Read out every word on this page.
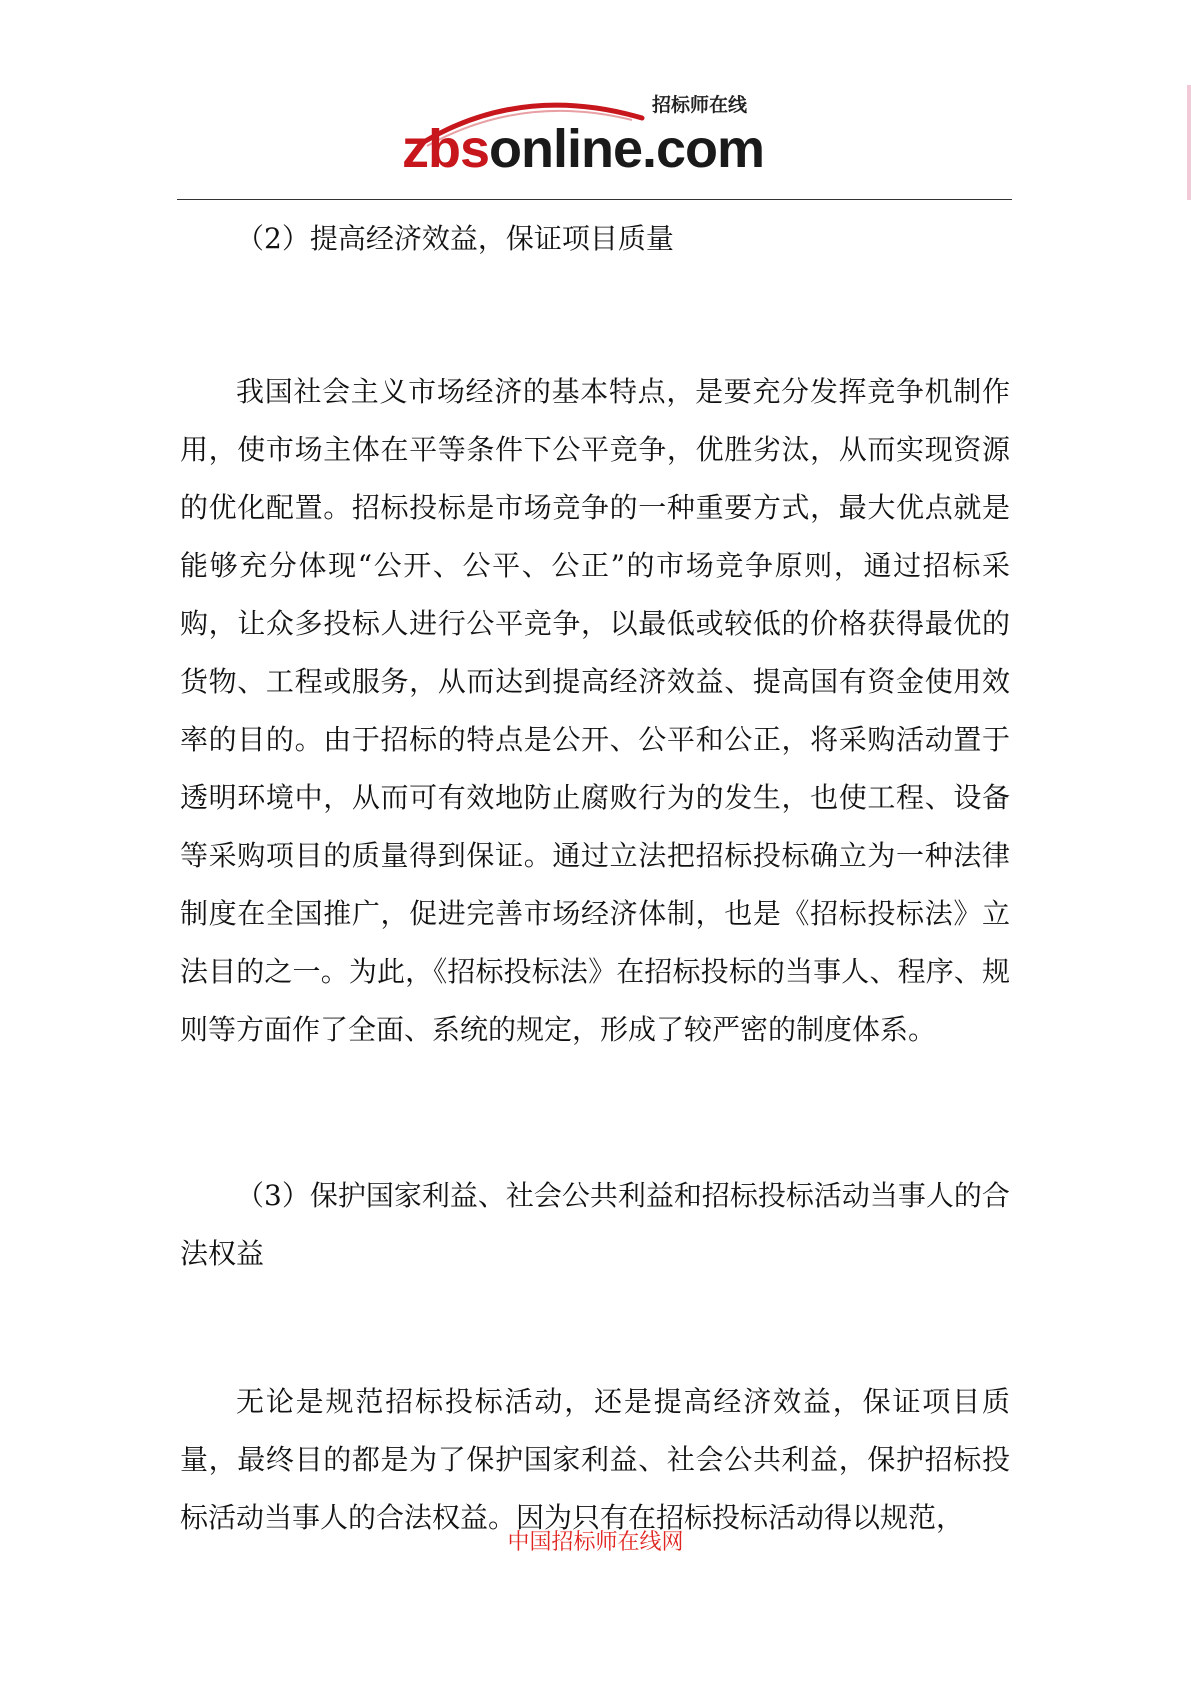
招标师在线
zbsonline.com

（2）提高经济效益，保证项目质量

我国社会主义市场经济的基本特点，是要充分发挥竞争机制作用，使市场主体在平等条件下公平竞争，优胜劣汰，从而实现资源的优化配置。招标投标是市场竞争的一种重要方式，最大优点就是能够充分体现“公开、公平、公正”的市场竞争原则，通过招标采购，让众多投标人进行公平竞争，以最低或较低的价格获得最优的货物、工程或服务，从而达到提高经济效益、提高国有资金使用效率的目的。由于招标的特点是公开、公平和公正，将采购活动置于透明环境中，从而可有效地防止腐败行为的发生，也使工程、设备等采购项目的质量得到保证。通过立法把招标投标确立为一种法律制度在全国推广，促进完善市场经济体制，也是《招标投标法》立法目的之一。为此，《招标投标法》在招标投标的当事人、程序、规则等方面作了全面、系统的规定，形成了较严密的制度体系。

（3）保护国家利益、社会公共利益和招标投标活动当事人的合法权益

无论是规范招标投标活动，还是提高经济效益，保证项目质量，最终目的都是为了保护国家利益、社会公共利益，保护招标投标活动当事人的合法权益。因为只有在招标投标活动得以规范，

中国招标师在线网
